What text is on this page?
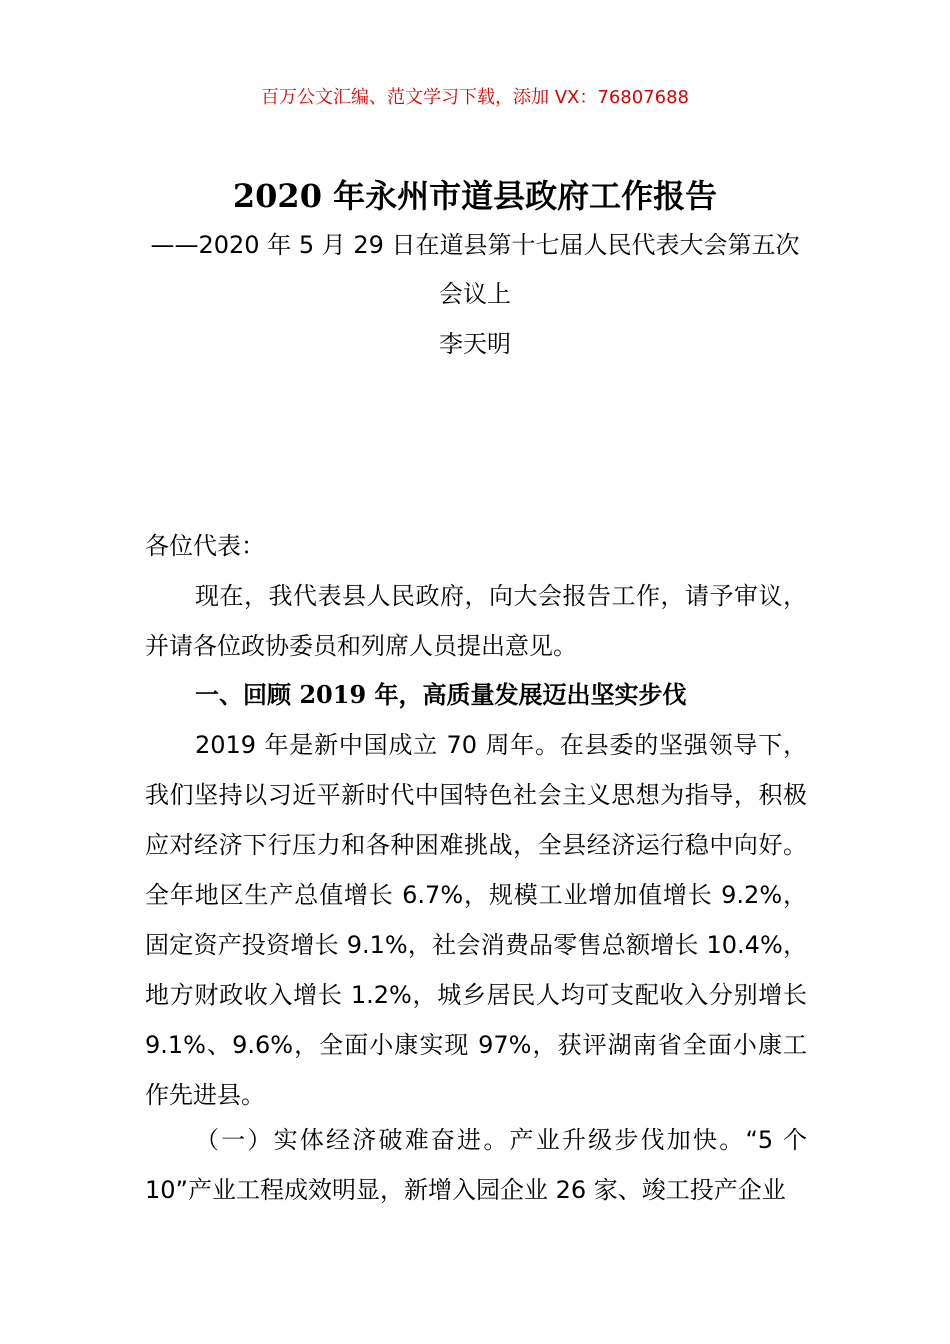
百万公文汇编、范文学习下载，添加 VX：76807688
2020 年永州市道县政府工作报告
——2020 年 5 月 29 日在道县第十七届人民代表大会第五次
会议上
李天明
各位代表：

现在，我代表县人民政府，向大会报告工作，请予审议，并请各位政协委员和列席人员提出意见。

一、回顾 2019 年，高质量发展迈出坚实步伐

2019 年是新中国成立 70 周年。在县委的坚强领导下，我们坚持以习近平新时代中国特色社会主义思想为指导，积极应对经济下行压力和各种困难挑战，全县经济运行稳中向好。全年地区生产总值增长 6.7%，规模工业增加值增长 9.2%，固定资产投资增长 9.1%，社会消费品零售总额增长 10.4%，地方财政收入增长 1.2%，城乡居民人均可支配收入分别增长 9.1%、9.6%，全面小康实现 97%，获评湖南省全面小康工作先进县。

（一）实体经济破难奋进。产业升级步伐加快。“5 个 10”产业工程成效明显，新增入园企业 26 家、竣工投产企业
